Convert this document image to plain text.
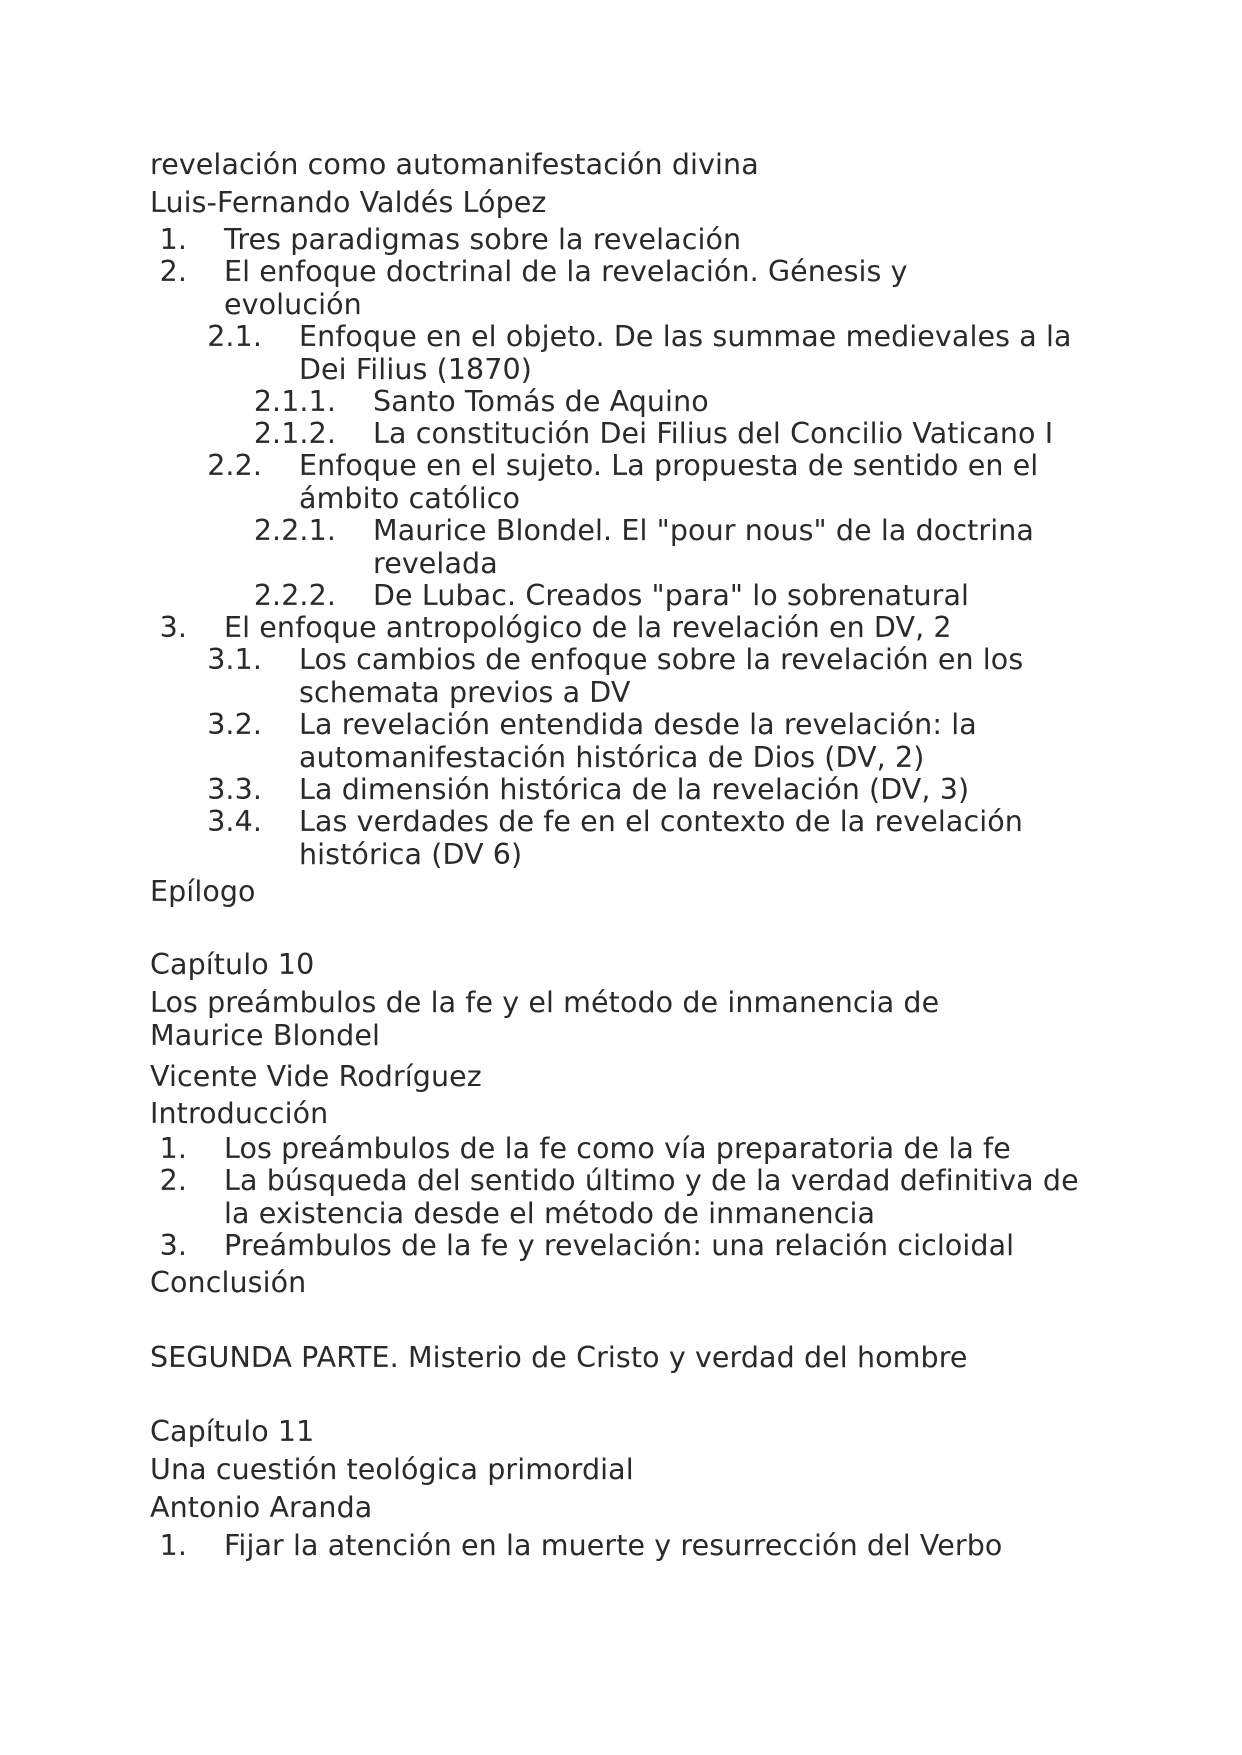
revelación como automanifestación divina
Luis-Fernando Valdés López
1. Tres paradigmas sobre la revelación
2. El enfoque doctrinal de la revelación. Génesis y evolución
2.1. Enfoque en el objeto. De las summae medievales a la Dei Filius (1870)
2.1.1. Santo Tomás de Aquino
2.1.2. La constitución Dei Filius del Concilio Vaticano I
2.2. Enfoque en el sujeto. La propuesta de sentido en el ámbito católico
2.2.1. Maurice Blondel. El "pour nous" de la doctrina revelada
2.2.2. De Lubac. Creados "para" lo sobrenatural
3. El enfoque antropológico de la revelación en DV, 2
3.1. Los cambios de enfoque sobre la revelación en los schemata previos a DV
3.2. La revelación entendida desde la revelación: la automanifestación histórica de Dios (DV, 2)
3.3. La dimensión histórica de la revelación (DV, 3)
3.4. Las verdades de fe en el contexto de la revelación histórica (DV 6)
Epílogo
Capítulo 10
Los preámbulos de la fe y el método de inmanencia de Maurice Blondel
Vicente Vide Rodríguez
Introducción
1. Los preámbulos de la fe como vía preparatoria de la fe
2. La búsqueda del sentido último y de la verdad definitiva de la existencia desde el método de inmanencia
3. Preámbulos de la fe y revelación: una relación cicloidal
Conclusión
SEGUNDA PARTE. Misterio de Cristo y verdad del hombre
Capítulo 11
Una cuestión teológica primordial
Antonio Aranda
1. Fijar la atención en la muerte y resurrección del Verbo
